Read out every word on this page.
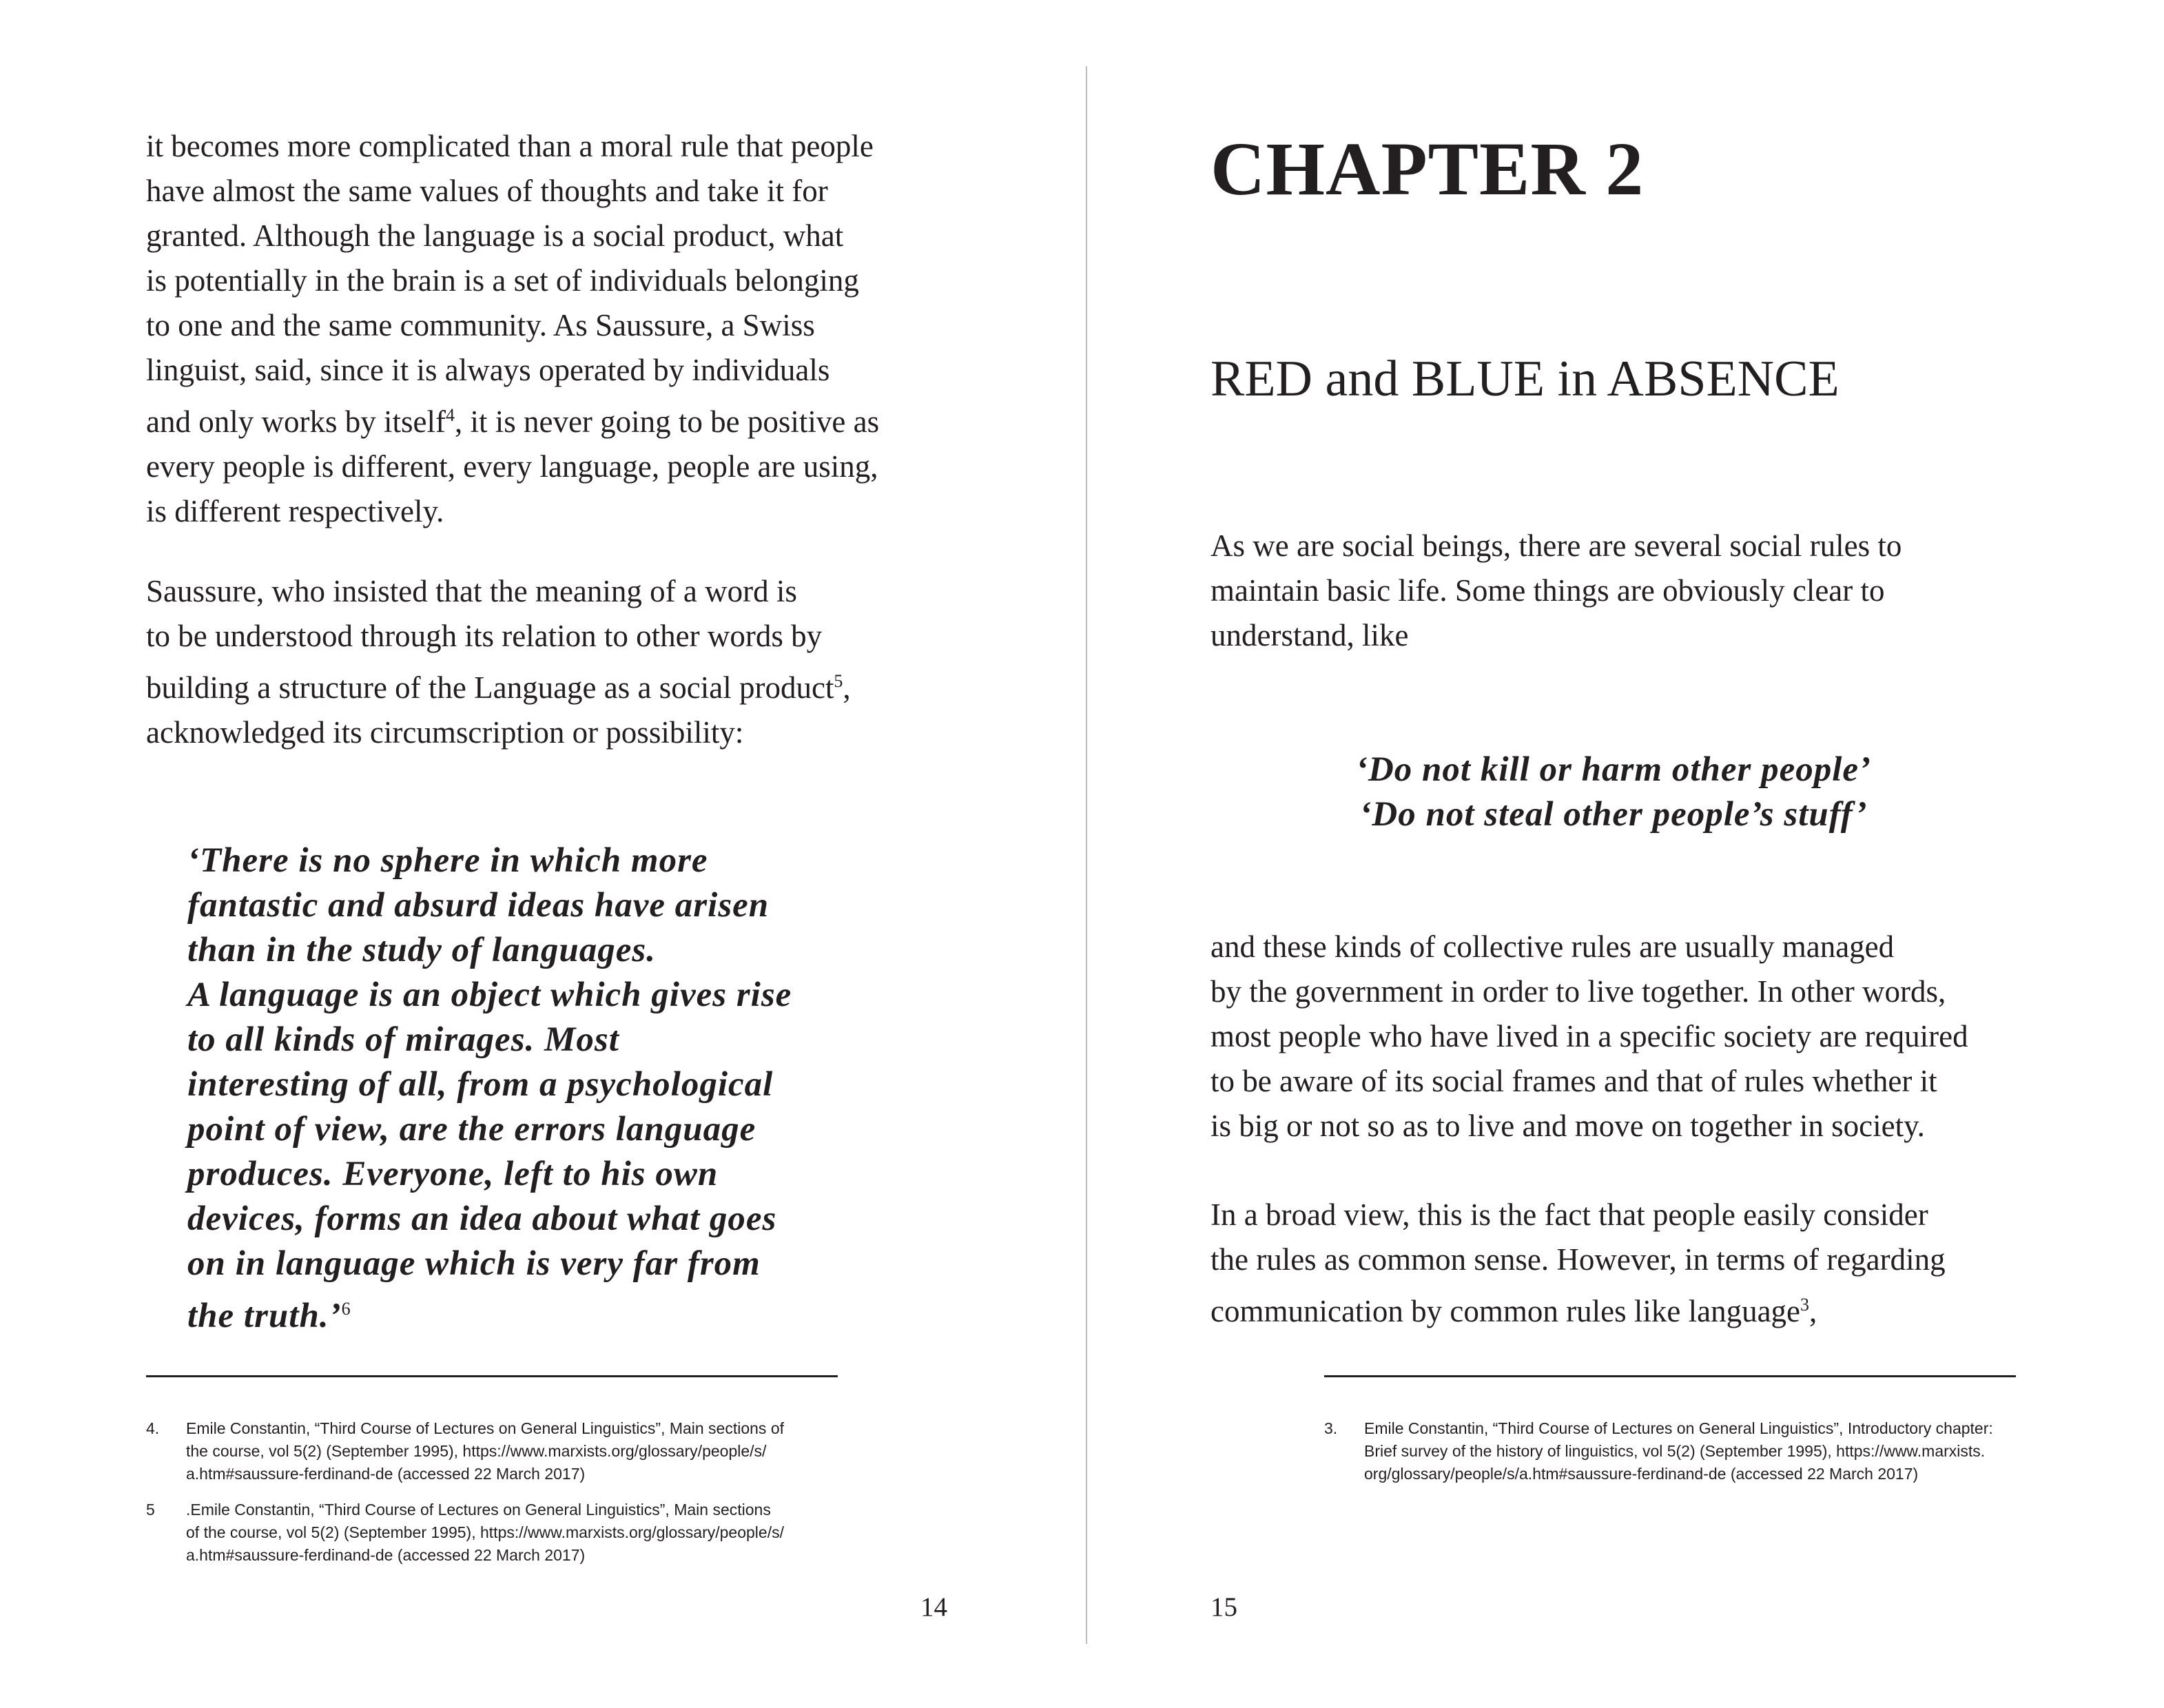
it becomes more complicated than a moral rule that people
have almost the same values of thoughts and take it for
granted. Although the language is a social product, what
is potentially in the brain is a set of individuals belonging
to one and the same community. As Saussure, a Swiss
linguist, said, since it is always operated by individuals
and only works by itself$^4$, it is never going to be positive as
every people is different, every language, people are using,
is different respectively.

Saussure, who insisted that the meaning of a word is
to be understood through its relation to other words by
building a structure of the Language as a social product$^5$,
acknowledged its circumscription or possibility:

‘There is no sphere in which more
fantastic and absurd ideas have arisen
than in the study of languages.
A language is an object which gives rise
to all kinds of mirages. Most
interesting of all, from a psychological
point of view, are the errors language
produces. Everyone, left to his own
devices, forms an idea about what goes
on in language which is very far from
the truth.’$^6$

4.	Emile Constantin, “Third Course of Lectures on General Linguistics”, Main sections of
the course, vol 5(2) (September 1995), https://www.marxists.org/glossary/people/s/
a.htm#saussure-ferdinand-de (accessed 22 March 2017)
5	.Emile Constantin, “Third Course of Lectures on General Linguistics”, Main sections
of the course, vol 5(2) (September 1995), https://www.marxists.org/glossary/people/s/
a.htm#saussure-ferdinand-de (accessed 22 March 2017)
14
CHAPTER 2
RED and BLUE in ABSENCE

As we are social beings, there are several social rules to
maintain basic life. Some things are obviously clear to
understand, like

‘Do not kill or harm other people’
‘Do not steal other people’s stuff’

and these kinds of collective rules are usually managed
by the government in order to live together. In other words,
most people who have lived in a specific society are required
to be aware of its social frames and that of rules whether it
is big or not so as to live and move on together in society.

In a broad view, this is the fact that people easily consider
the rules as common sense. However, in terms of regarding
communication by common rules like language$^3$,

3.	Emile Constantin, “Third Course of Lectures on General Linguistics”, Introductory chapter:
Brief survey of the history of linguistics, vol 5(2) (September 1995), https://www.marxists.
org/glossary/people/s/a.htm#saussure-ferdinand-de (accessed 22 March 2017)
15
